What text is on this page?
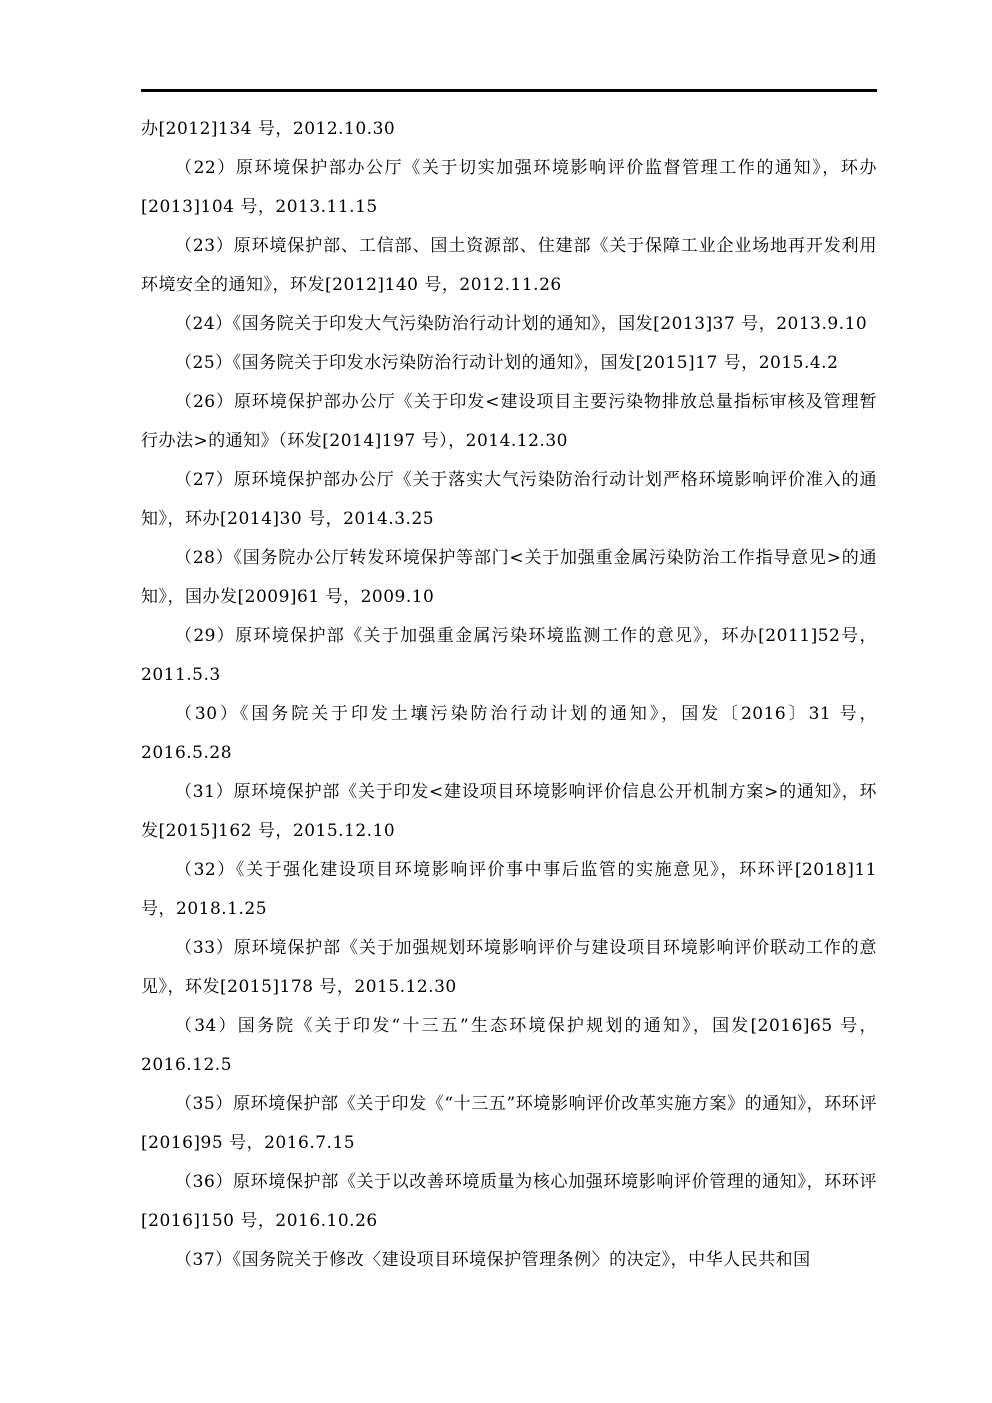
办[2012]134 号，2012.10.30

（22）原环境保护部办公厅《关于切实加强环境影响评价监督管理工作的通知》，环办[2013]104 号，2013.11.15

（23）原环境保护部、工信部、国土资源部、住建部《关于保障工业企业场地再开发利用环境安全的通知》，环发[2012]140 号，2012.11.26

（24）《国务院关于印发大气污染防治行动计划的通知》，国发[2013]37 号，2013.9.10

（25）《国务院关于印发水污染防治行动计划的通知》，国发[2015]17 号，2015.4.2

（26）原环境保护部办公厅《关于印发<建设项目主要污染物排放总量指标审核及管理暂行办法>的通知》（环发[2014]197 号），2014.12.30

（27）原环境保护部办公厅《关于落实大气污染防治行动计划严格环境影响评价准入的通知》，环办[2014]30 号，2014.3.25

（28）《国务院办公厅转发环境保护等部门<关于加强重金属污染防治工作指导意见>的通知》，国办发[2009]61 号，2009.10

（29）原环境保护部《关于加强重金属污染环境监测工作的意见》，环办[2011]52号，2011.5.3

（30）《国务院关于印发土壤污染防治行动计划的通知》，国发〔2016〕31 号，2016.5.28

（31）原环境保护部《关于印发<建设项目环境影响评价信息公开机制方案>的通知》，环发[2015]162 号，2015.12.10

（32）《关于强化建设项目环境影响评价事中事后监管的实施意见》，环环评[2018]11 号，2018.1.25

（33）原环境保护部《关于加强规划环境影响评价与建设项目环境影响评价联动工作的意见》，环发[2015]178 号，2015.12.30

（34）国务院《关于印发“十三五”生态环境保护规划的通知》，国发[2016]65 号，2016.12.5

（35）原环境保护部《关于印发《“十三五”环境影响评价改革实施方案》的通知》，环环评[2016]95 号，2016.7.15

（36）原环境保护部《关于以改善环境质量为核心加强环境影响评价管理的通知》，环环评[2016]150 号，2016.10.26

（37）《国务院关于修改〈建设项目环境保护管理条例〉的决定》，中华人民共和国
